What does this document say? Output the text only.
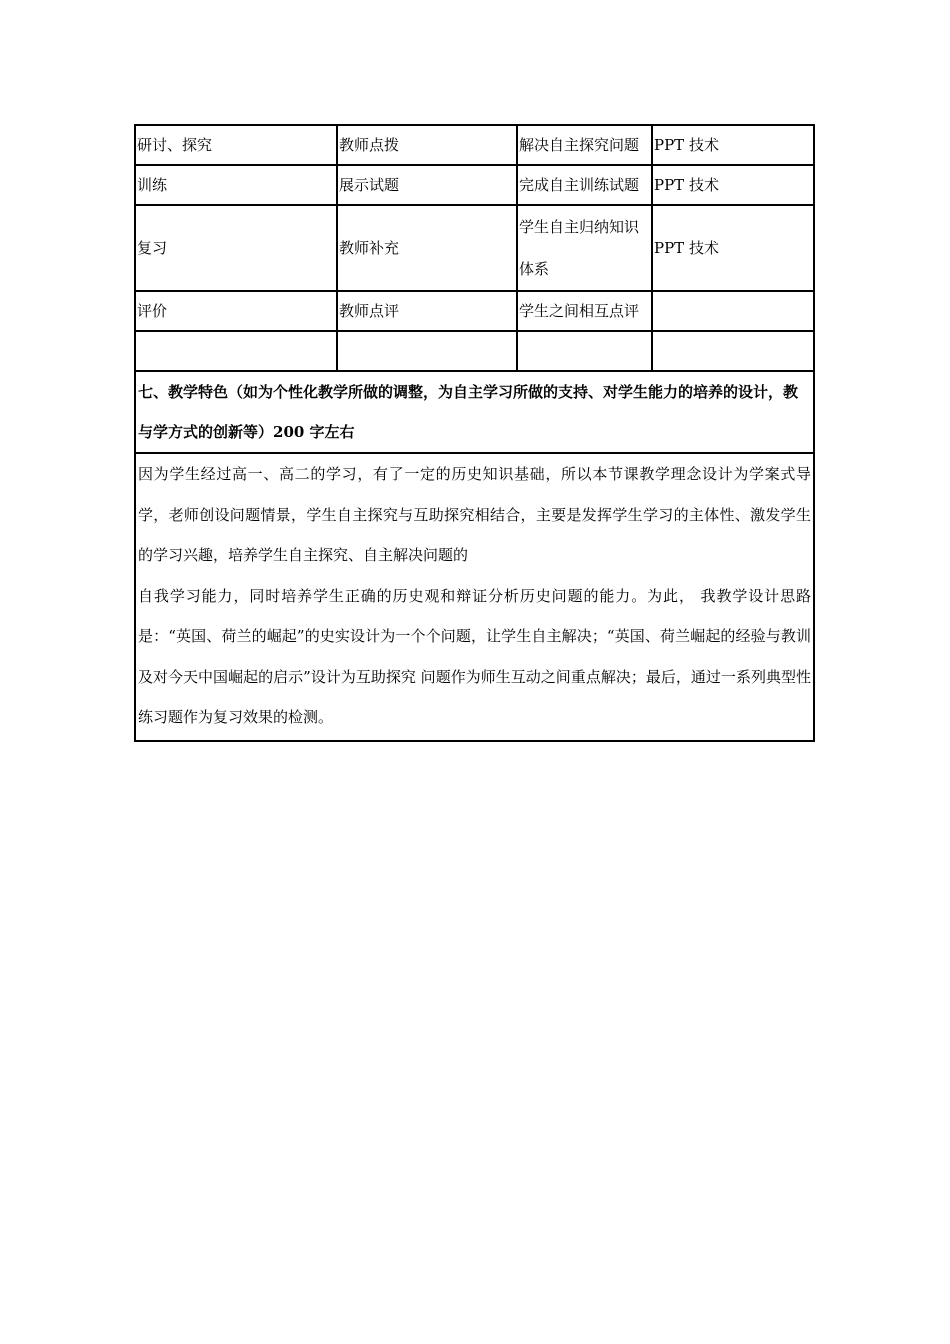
研讨、探究	教师点拨	解决自主探究问题	PPT 技术
训练	展示试题	完成自主训练试题	PPT 技术
复习	教师补充	学生自主归纳知识体系	PPT 技术
评价	教师点评	学生之间相互点评	

七、教学特色（如为个性化教学所做的调整，为自主学习所做的支持、对学生能力的培养的设计，教与学方式的创新等）200 字左右			

因为学生经过高一、高二的学习，有了一定的历史知识基础，所以本节课教学理念设计为学案式导学，老师创设问题情景，学生自主探究与互助探究相结合，主要是发挥学生学习的主体性、激发学生的学习兴趣，培养学生自主探究、自主解决问题的
自我学习能力，同时培养学生正确的历史观和辩证分析历史问题的能力。为此， 我教学设计思路是：“英国、荷兰的崛起”的史实设计为一个个问题，让学生自主解决；“英国、荷兰崛起的经验与教训及对今天中国崛起的启示”设计为互助探究 问题作为师生互动之间重点解决；最后，通过一系列典型性练习题作为复习效果的检测。			
